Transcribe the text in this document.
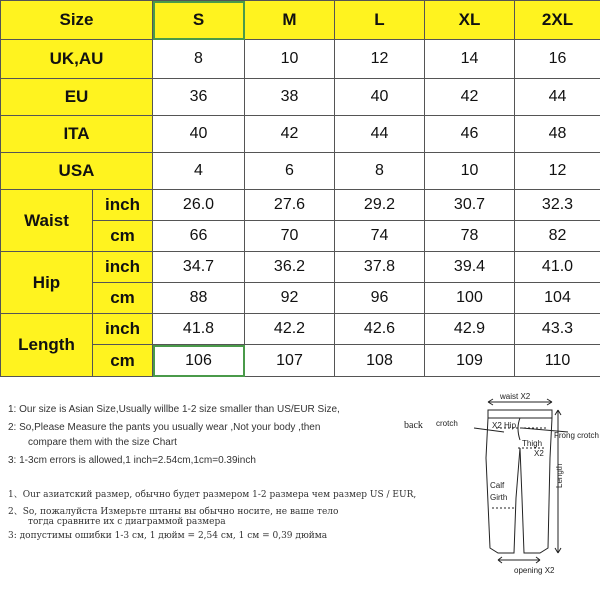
Size		S	M	L	XL	2XL
UK,AU		8	10	12	14	16
EU		36	38	40	42	44
ITA		40	42	44	46	48
USA		4	6	8	10	12
Waist	inch	26.0	27.6	29.2	30.7	32.3
	cm	66	70	74	78	82
Hip	inch	34.7	36.2	37.8	39.4	41.0
	cm	88	92	96	100	104
Length	inch	41.8	42.2	42.6	42.9	43.3
	cm	106	107	108	109	110
1: Our size is Asian Size,Usually willbe 1-2 size smaller than US/EUR Size,
2: So,Please Measure the pants you usually wear ,Not your body ,then
compare them with the size Chart
3: 1-3cm errors is allowed,1 inch=2.54cm,1cm=0.39inch
1、Our азиатский размер, обычно будет размером 1-2 размера чем размер US / EUR,
2、So, пожалуйста Измерьте штаны вы обычно носите, не ваше тело
тогда сравните их с диаграммой размера
3: допустимы ошибки 1-3 см, 1 дюйм = 2,54 см, 1 см = 0,39 дюйма
waist X2
back crotch	X2 Hip
Frong crotch
Thigh
X2
Length
Calf
Girth
opening X2
